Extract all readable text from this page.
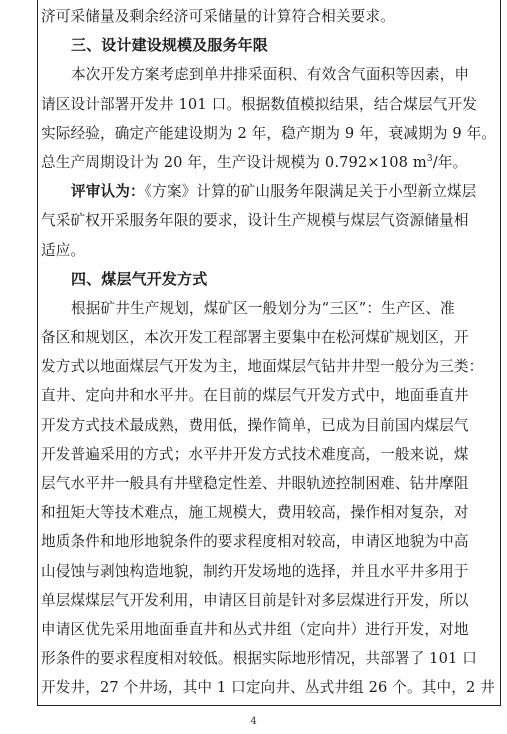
济可采储量及剩余经济可采储量的计算符合相关要求。
三、设计建设规模及服务年限
本次开发方案考虑到单井排采面积、有效含气面积等因素，申
请区设计部署开发井 101 口。根据数值模拟结果，结合煤层气开发
实际经验，确定产能建设期为 2 年，稳产期为 9 年，衰减期为 9 年。
总生产周期设计为 20 年，生产设计规模为 0.792×108 $m^3/$年。
评审认为：《方案》计算的矿山服务年限满足关于小型新立煤层
气采矿权开采服务年限的要求，设计生产规模与煤层气资源储量相
适应。
四、煤层气开发方式
根据矿井生产规划，煤矿区一般划分为“三区”：生产区、准
备区和规划区，本次开发工程部署主要集中在松河煤矿规划区，开
发方式以地面煤层气开发为主，地面煤层气钻井井型一般分为三类：
直井、定向井和水平井。在目前的煤层气开发方式中，地面垂直井
开发方式技术最成熟，费用低，操作简单，已成为目前国内煤层气
开发普遍采用的方式；水平井开发方式技术难度高，一般来说，煤
层气水平井一般具有井壁稳定性差、井眼轨迹控制困难、钻井摩阻
和扭矩大等技术难点，施工规模大，费用较高，操作相对复杂，对
地质条件和地形地貌条件的要求程度相对较高，申请区地貌为中高
山侵蚀与剥蚀构造地貌，制约开发场地的选择，并且水平井多用于
单层煤煤层气开发利用，申请区目前是针对多层煤进行开发，所以
申请区优先采用地面垂直井和丛式井组（定向井）进行开发，对地
形条件的要求程度相对较低。根据实际地形情况，共部署了 101 口
开发井，27 个井场，其中 1 口定向井、丛式井组 26 个。其中，2 井
4
